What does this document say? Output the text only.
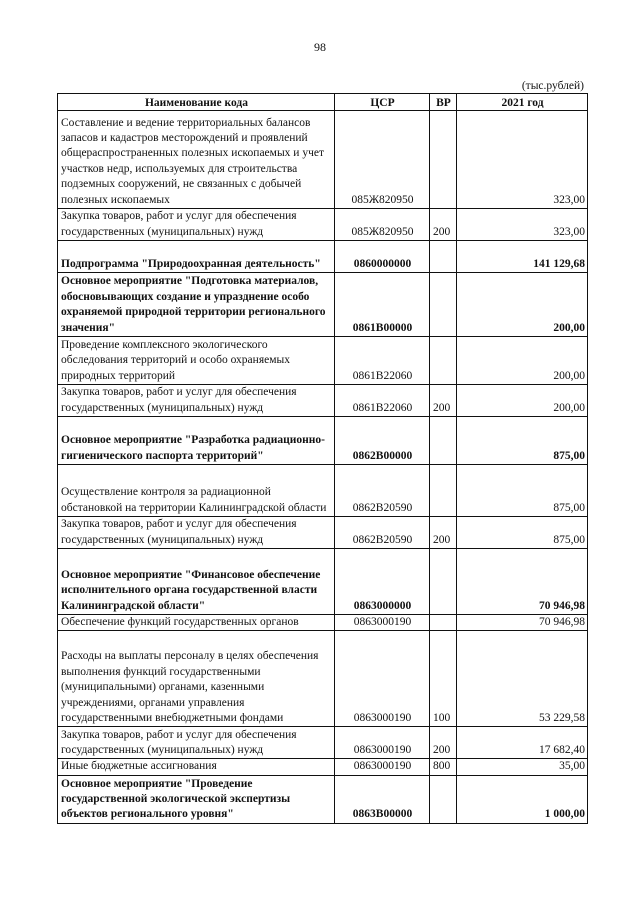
98
(тыс.рублей)
Наименование кода	ЦСР	ВР	2021 год
Составление и ведение территориальных балансов запасов и кадастров месторождений и проявлений общераспространенных полезных ископаемых и учет участков недр, используемых для строительства подземных сооружений, не связанных с добычей полезных ископаемых	085Ж820950		323,00
Закупка товаров, работ и услуг для обеспечения государственных (муниципальных) нужд	085Ж820950	200	323,00
Подпрограмма "Природоохранная деятельность"	0860000000		141 129,68
Основное мероприятие "Подготовка материалов, обосновывающих создание и упразднение особо охраняемой природной территории регионального значения"	0861В00000		200,00
Проведение комплексного экологического обследования территорий и особо охраняемых природных территорий	0861В22060		200,00
Закупка товаров, работ и услуг для обеспечения государственных (муниципальных) нужд	0861В22060	200	200,00
Основное мероприятие "Разработка радиационно-гигиенического паспорта территорий"	0862В00000		875,00
Осуществление контроля за радиационной обстановкой на территории Калининградской области	0862В20590		875,00
Закупка товаров, работ и услуг для обеспечения государственных (муниципальных) нужд	0862В20590	200	875,00
Основное мероприятие "Финансовое обеспечение исполнительного органа государственной власти Калининградской области"	0863000000		70 946,98
Обеспечение функций государственных органов	0863000190		70 946,98
Расходы на выплаты персоналу в целях обеспечения выполнения функций государственными (муниципальными) органами, казенными учреждениями, органами управления государственными внебюджетными фондами	0863000190	100	53 229,58
Закупка товаров, работ и услуг для обеспечения государственных (муниципальных) нужд	0863000190	200	17 682,40
Иные бюджетные ассигнования	0863000190	800	35,00
Основное мероприятие "Проведение государственной экологической экспертизы объектов регионального уровня"	0863В00000		1 000,00
